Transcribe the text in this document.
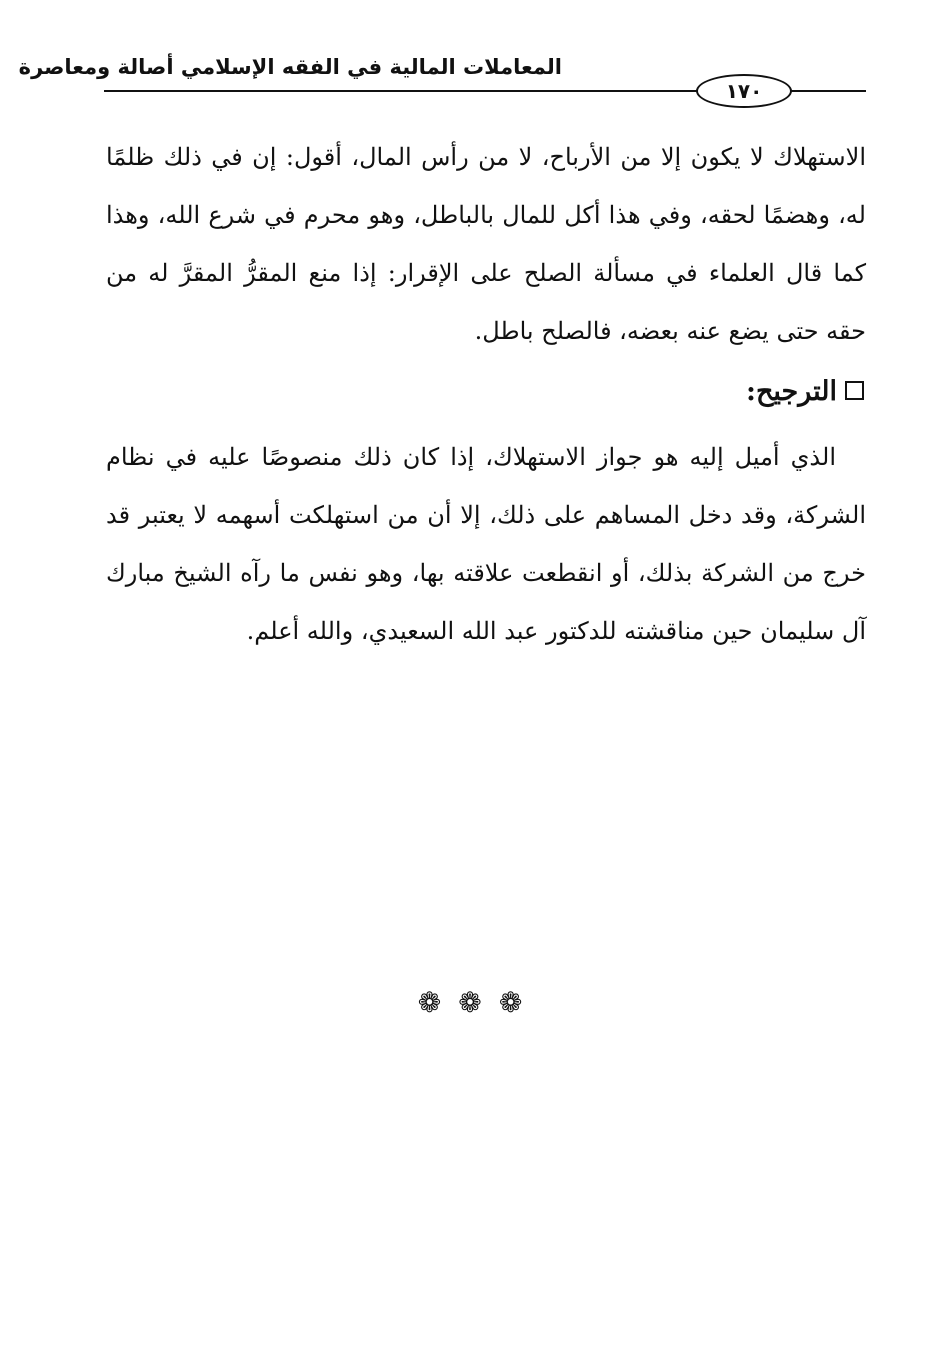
المعاملات المالية في الفقه الإسلامي أصالة ومعاصرة
١٧٠

الاستهلاك لا يكون إلا من الأرباح، لا من رأس المال، أقول: إن في ذلك ظلمًا له، وهضمًا لحقه، وفي هذا أكل للمال بالباطل، وهو محرم في شرع الله، وهذا كما قال العلماء في مسألة الصلح على الإقرار: إذا منع المقرُّ المقرَّ له من حقه حتى يضع عنه بعضه، فالصلح باطل.

الترجيح:

الذي أميل إليه هو جواز الاستهلاك، إذا كان ذلك منصوصًا عليه في نظام الشركة، وقد دخل المساهم على ذلك، إلا أن من استهلكت أسهمه لا يعتبر قد خرج من الشركة بذلك، أو انقطعت علاقته بها، وهو نفس ما رآه الشيخ مبارك آل سليمان حين مناقشته للدكتور عبد الله السعيدي، والله أعلم.

❁ ❁ ❁
